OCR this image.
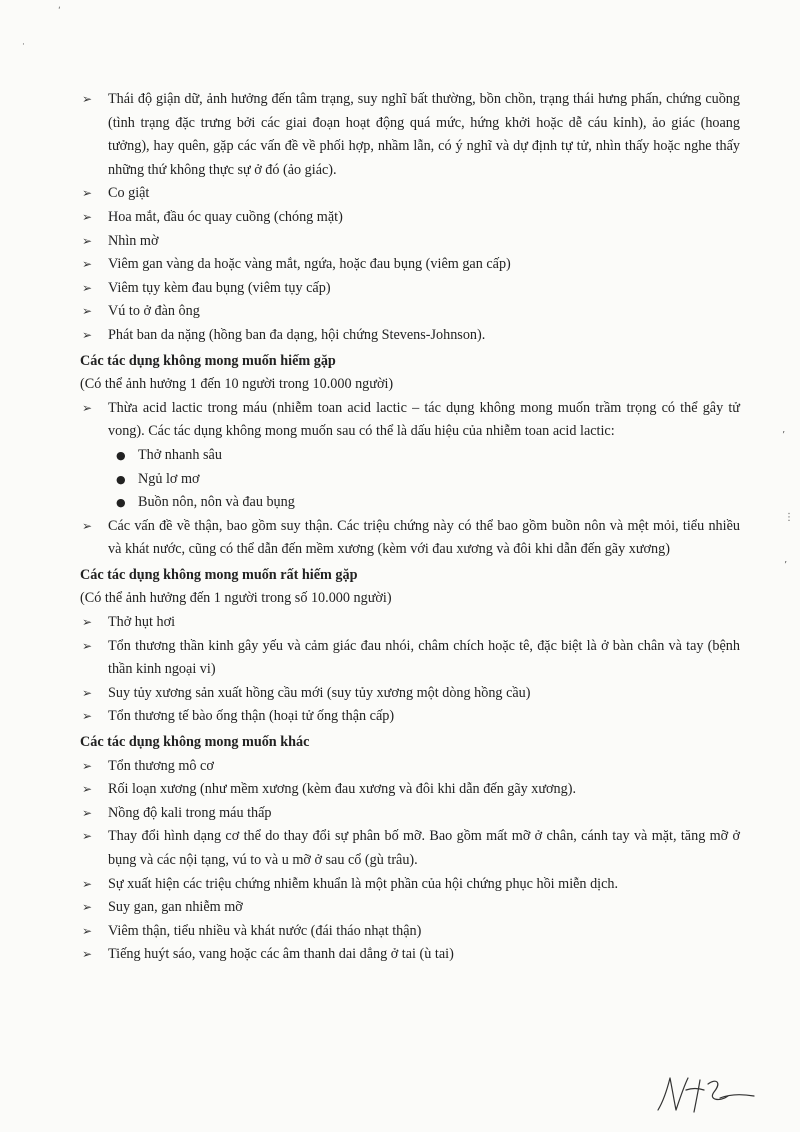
‘
·
➢	Thái độ giận dữ, ảnh hưởng đến tâm trạng, suy nghĩ bất thường, bồn chồn, trạng thái hưng phấn, chứng cuồng (tình trạng đặc trưng bởi các giai đoạn hoạt động quá mức, hứng khởi hoặc dễ cáu kỉnh), ảo giác (hoang tưởng), hay quên, gặp các vấn đề về phối hợp, nhầm lẫn, có ý nghĩ và dự định tự tử, nhìn thấy hoặc nghe thấy những thứ không thực sự ở đó (ảo giác).
➢	Co giật
➢	Hoa mắt, đầu óc quay cuồng (chóng mặt)
➢	Nhìn mờ
➢	Viêm gan vàng da hoặc vàng mắt, ngứa, hoặc đau bụng (viêm gan cấp)
➢	Viêm tụy kèm đau bụng (viêm tụy cấp)
➢	Vú to ở đàn ông
➢	Phát ban da nặng (hồng ban đa dạng, hội chứng Stevens-Johnson).
Các tác dụng không mong muốn hiếm gặp
(Có thể ảnh hưởng 1 đến 10 người trong 10.000 người)
➢	Thừa acid lactic trong máu (nhiễm toan acid lactic – tác dụng không mong muốn trầm trọng có thể gây tử vong). Các tác dụng không mong muốn sau có thể là dấu hiệu của nhiễm toan acid lactic:
● Thở nhanh sâu
● Ngủ lơ mơ
● Buồn nôn, nôn và đau bụng
➢	Các vấn đề về thận, bao gồm suy thận. Các triệu chứng này có thể bao gồm buồn nôn và mệt mỏi, tiểu nhiều và khát nước, cũng có thể dẫn đến mềm xương (kèm với đau xương và đôi khi dẫn đến gãy xương)
Các tác dụng không mong muốn rất hiếm gặp
(Có thể ảnh hưởng đến 1 người trong số 10.000 người)
➢	Thở hụt hơi
➢	Tổn thương thần kinh gây yếu và cảm giác đau nhói, châm chích hoặc tê, đặc biệt là ở bàn chân và tay (bệnh thần kinh ngoại vi)
➢	Suy tủy xương sản xuất hồng cầu mới (suy tủy xương một dòng hồng cầu)
➢	Tổn thương tế bào ống thận (hoại tử ống thận cấp)
Các tác dụng không mong muốn khác
➢	Tổn thương mô cơ
➢	Rối loạn xương (như mềm xương (kèm đau xương và đôi khi dẫn đến gãy xương).
➢	Nồng độ kali trong máu thấp
➢	Thay đổi hình dạng cơ thể do thay đổi sự phân bố mỡ. Bao gồm mất mỡ ở chân, cánh tay và mặt, tăng mỡ ở bụng và các nội tạng, vú to và u mỡ ở sau cổ (gù trâu).
➢	Sự xuất hiện các triệu chứng nhiễm khuẩn là một phần của hội chứng phục hồi miễn dịch.
➢	Suy gan, gan nhiễm mỡ
➢	Viêm thận, tiểu nhiều và khát nước (đái tháo nhạt thận)
➢	Tiếng huýt sáo, vang hoặc các âm thanh dai dẳng ở tai (ù tai)
’
⋮
’
